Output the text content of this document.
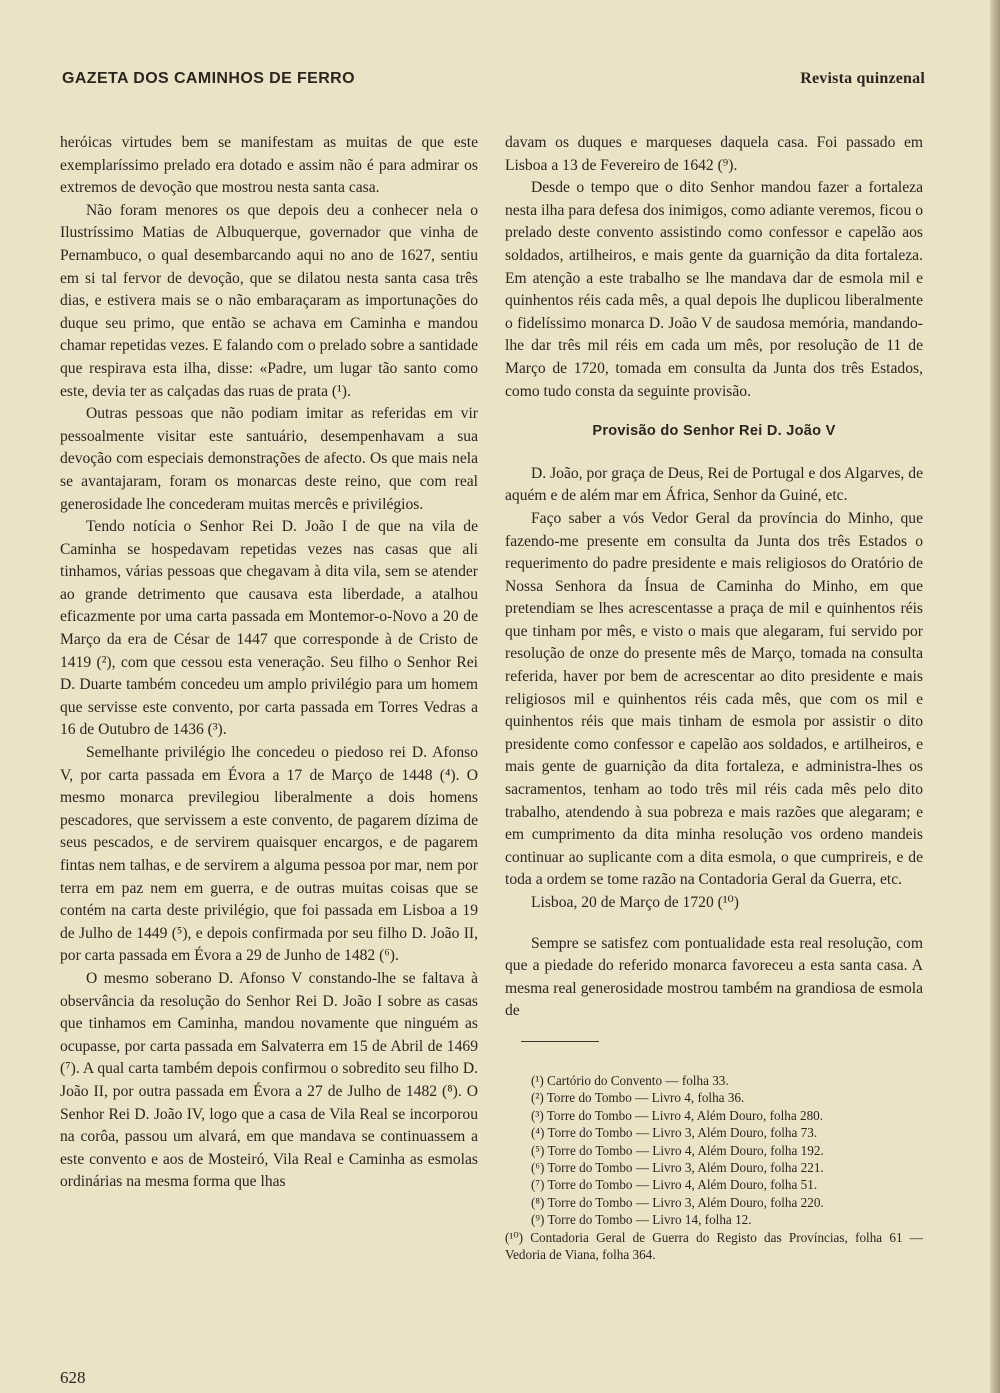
GAZETA DOS CAMINHOS DE FERRO	Revista quinzenal

heróicas virtudes bem se manifestam as muitas de que este exemplaríssimo prelado era dotado e assim não é para admirar os extremos de devoção que mostrou nesta santa casa.

Não foram menores os que depois deu a conhecer nela o Ilustríssimo Matias de Albuquerque, governador que vinha de Pernambuco, o qual desembarcando aqui no ano de 1627, sentiu em si tal fervor de devoção, que se dilatou nesta santa casa três dias, e estivera mais se o não embaraçaram as importunações do duque seu primo, que então se achava em Caminha e mandou chamar repetidas vezes. E falando com o prelado sobre a santidade que respirava esta ilha, disse: «Padre, um lugar tão santo como este, devia ter as calçadas das ruas de prata (¹).

Outras pessoas que não podiam imitar as referidas em vir pessoalmente visitar este santuário, desempenhavam a sua devoção com especiais demonstrações de afecto. Os que mais nela se avantajaram, foram os monarcas deste reino, que com real generosidade lhe concederam muitas mercês e privilégios.

Tendo notícia o Senhor Rei D. João I de que na vila de Caminha se hospedavam repetidas vezes nas casas que ali tinhamos, várias pessoas que chegavam à dita vila, sem se atender ao grande detrimento que causava esta liberdade, a atalhou eficazmente por uma carta passada em Montemor-o-Novo a 20 de Março da era de César de 1447 que corresponde à de Cristo de 1419 (²), com que cessou esta veneração. Seu filho o Senhor Rei D. Duarte também concedeu um amplo privilégio para um homem que servisse este convento, por carta passada em Torres Vedras a 16 de Outubro de 1436 (³).

Semelhante privilégio lhe concedeu o piedoso rei D. Afonso V, por carta passada em Évora a 17 de Março de 1448 (⁴). O mesmo monarca previlegiou liberalmente a dois homens pescadores, que servissem a este convento, de pagarem dízima de seus pescados, e de servirem quaisquer encargos, e de pagarem fintas nem talhas, e de servirem a alguma pessoa por mar, nem por terra em paz nem em guerra, e de outras muitas coisas que se contém na carta deste privilégio, que foi passada em Lisboa a 19 de Julho de 1449 (⁵), e depois confirmada por seu filho D. João II, por carta passada em Évora a 29 de Junho de 1482 (⁶).

O mesmo soberano D. Afonso V constando-lhe se faltava à observância da resolução do Senhor Rei D. João I sobre as casas que tinhamos em Caminha, mandou novamente que ninguém as ocupasse, por carta passada em Salvaterra em 15 de Abril de 1469 (⁷). A qual carta também depois confirmou o sobredito seu filho D. João II, por outra passada em Évora a 27 de Julho de 1482 (⁸). O Senhor Rei D. João IV, logo que a casa de Vila Real se incorporou na corôa, passou um alvará, em que mandava se continuassem a este convento e aos de Mosteiró, Vila Real e Caminha as esmolas ordinárias na mesma forma que lhas

davam os duques e marqueses daquela casa. Foi passado em Lisboa a 13 de Fevereiro de 1642 (⁹).

Desde o tempo que o dito Senhor mandou fazer a fortaleza nesta ilha para defesa dos inimigos, como adiante veremos, ficou o prelado deste convento assistindo como confessor e capelão aos soldados, artilheiros, e mais gente da guarnição da dita fortaleza. Em atenção a este trabalho se lhe mandava dar de esmola mil e quinhentos réis cada mês, a qual depois lhe duplicou liberalmente o fidelíssimo monarca D. João V de saudosa memória, mandando-lhe dar três mil réis em cada um mês, por resolução de 11 de Março de 1720, tomada em consulta da Junta dos três Estados, como tudo consta da seguinte provisão.

Provisão do Senhor Rei D. João V

D. João, por graça de Deus, Rei de Portugal e dos Algarves, de aquém e de além mar em África, Senhor da Guiné, etc.

Faço saber a vós Vedor Geral da província do Minho, que fazendo-me presente em consulta da Junta dos três Estados o requerimento do padre presidente e mais religiosos do Oratório de Nossa Senhora da Ínsua de Caminha do Minho, em que pretendiam se lhes acrescentasse a praça de mil e quinhentos réis que tinham por mês, e visto o mais que alegaram, fui servido por resolução de onze do presente mês de Março, tomada na consulta referida, haver por bem de acrescentar ao dito presidente e mais religiosos mil e quinhentos réis cada mês, que com os mil e quinhentos réis que mais tinham de esmola por assistir o dito presidente como confessor e capelão aos soldados, e artilheiros, e mais gente de guarnição da dita fortaleza, e administra-lhes os sacramentos, tenham ao todo três mil réis cada mês pelo dito trabalho, atendendo à sua pobreza e mais razões que alegaram; e em cumprimento da dita minha resolução vos ordeno mandeis continuar ao suplicante com a dita esmola, o que cumprireis, e de toda a ordem se tome razão na Contadoria Geral da Guerra, etc.

Lisboa, 20 de Março de 1720 (¹⁰)

Sempre se satisfez com pontualidade esta real resolução, com que a piedade do referido monarca favoreceu a esta santa casa. A mesma real generosidade mostrou também na grandiosa de esmola de

(¹) Cartório do Convento — folha 33.

(²) Torre do Tombo — Livro 4, folha 36.

(³) Torre do Tombo — Livro 4, Além Douro, folha 280.

(⁴) Torre do Tombo — Livro 3, Além Douro, folha 73.

(⁵) Torre do Tombo — Livro 4, Além Douro, folha 192.

(⁶) Torre do Tombo — Livro 3, Além Douro, folha 221.

(⁷) Torre do Tombo — Livro 4, Além Douro, folha 51.

(⁸) Torre do Tombo — Livro 3, Além Douro, folha 220.

(⁹) Torre do Tombo — Livro 14, folha 12.

(¹⁰) Contadoria Geral de Guerra do Registo das Províncias, folha 61 — Vedoria de Viana, folha 364.

628
